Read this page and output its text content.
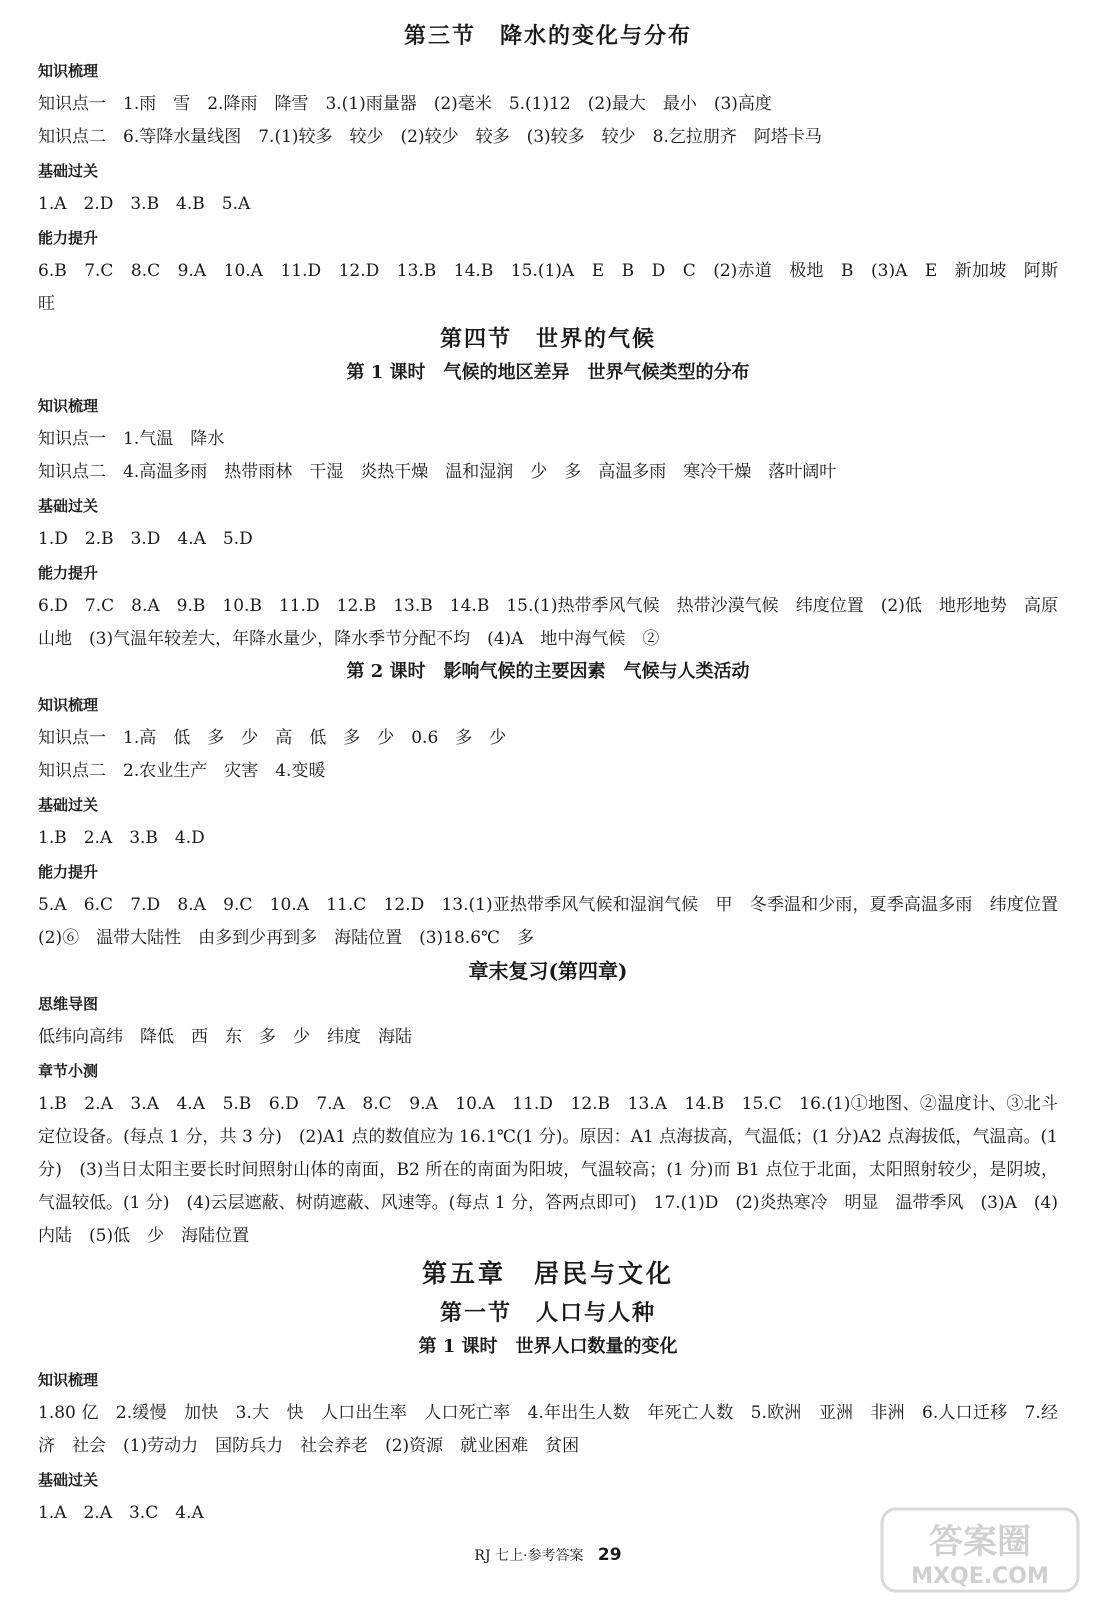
第三节　降水的变化与分布

知识梳理

知识点一　1.雨　雪　2.降雨　降雪　3.(1)雨量器　(2)毫米　5.(1)12　(2)最大　最小　(3)高度

知识点二　6.等降水量线图　7.(1)较多　较少　(2)较少　较多　(3)较多　较少　8.乞拉朋齐　阿塔卡马

基础过关

1.A　2.D　3.B　4.B　5.A

能力提升

6.B　7.C　8.C　9.A　10.A　11.D　12.D　13.B　14.B　15.(1)A　E　B　D　C　(2)赤道　极地　B　(3)A　E　新加坡　阿斯旺

第四节　世界的气候
第 1 课时　气候的地区差异　世界气候类型的分布

知识梳理

知识点一　1.气温　降水

知识点二　4.高温多雨　热带雨林　干湿　炎热干燥　温和湿润　少　多　高温多雨　寒冷干燥　落叶阔叶

基础过关

1.D　2.B　3.D　4.A　5.D

能力提升

6.D　7.C　8.A　9.B　10.B　11.D　12.B　13.B　14.B　15.(1)热带季风气候　热带沙漠气候　纬度位置　(2)低　地形地势　高原山地　(3)气温年较差大，年降水量少，降水季节分配不均　(4)A　地中海气候　②

第 2 课时　影响气候的主要因素　气候与人类活动

知识梳理

知识点一　1.高　低　多　少　高　低　多　少　0.6　多　少

知识点二　2.农业生产　灾害　4.变暖

基础过关

1.B　2.A　3.B　4.D

能力提升

5.A　6.C　7.D　8.A　9.C　10.A　11.C　12.D　13.(1)亚热带季风气候和湿润气候　甲　冬季温和少雨，夏季高温多雨　纬度位置　(2)⑥　温带大陆性　由多到少再到多　海陆位置　(3)18.6℃　多

章末复习(第四章)

思维导图

低纬向高纬　降低　西　东　多　少　纬度　海陆

章节小测

1.B　2.A　3.A　4.A　5.B　6.D　7.A　8.C　9.A　10.A　11.D　12.B　13.A　14.B　15.C　16.(1)①地图、②温度计、③北斗定位设备。(每点 1 分，共 3 分)　(2)A1 点的数值应为 16.1℃(1 分)。原因：A1 点海拔高，气温低；(1 分)A2 点海拔低，气温高。(1 分)　(3)当日太阳主要长时间照射山体的南面，B2 所在的南面为阳坡，气温较高；(1 分)而 B1 点位于北面，太阳照射较少，是阴坡，气温较低。(1 分)　(4)云层遮蔽、树荫遮蔽、风速等。(每点 1 分，答两点即可)　17.(1)D　(2)炎热寒冷　明显　温带季风　(3)A　(4)内陆　(5)低　少　海陆位置

第五章　居民与文化
第一节　人口与人种
第 1 课时　世界人口数量的变化

知识梳理

1.80 亿　2.缓慢　加快　3.大　快　人口出生率　人口死亡率　4.年出生人数　年死亡人数　5.欧洲　亚洲　非洲　6.人口迁移　7.经济　社会　(1)劳动力　国防兵力　社会养老　(2)资源　就业困难　贫困

基础过关

1.A　2.A　3.C　4.A

RJ 七上·参考答案 29	答案圈
MXQE.COM
